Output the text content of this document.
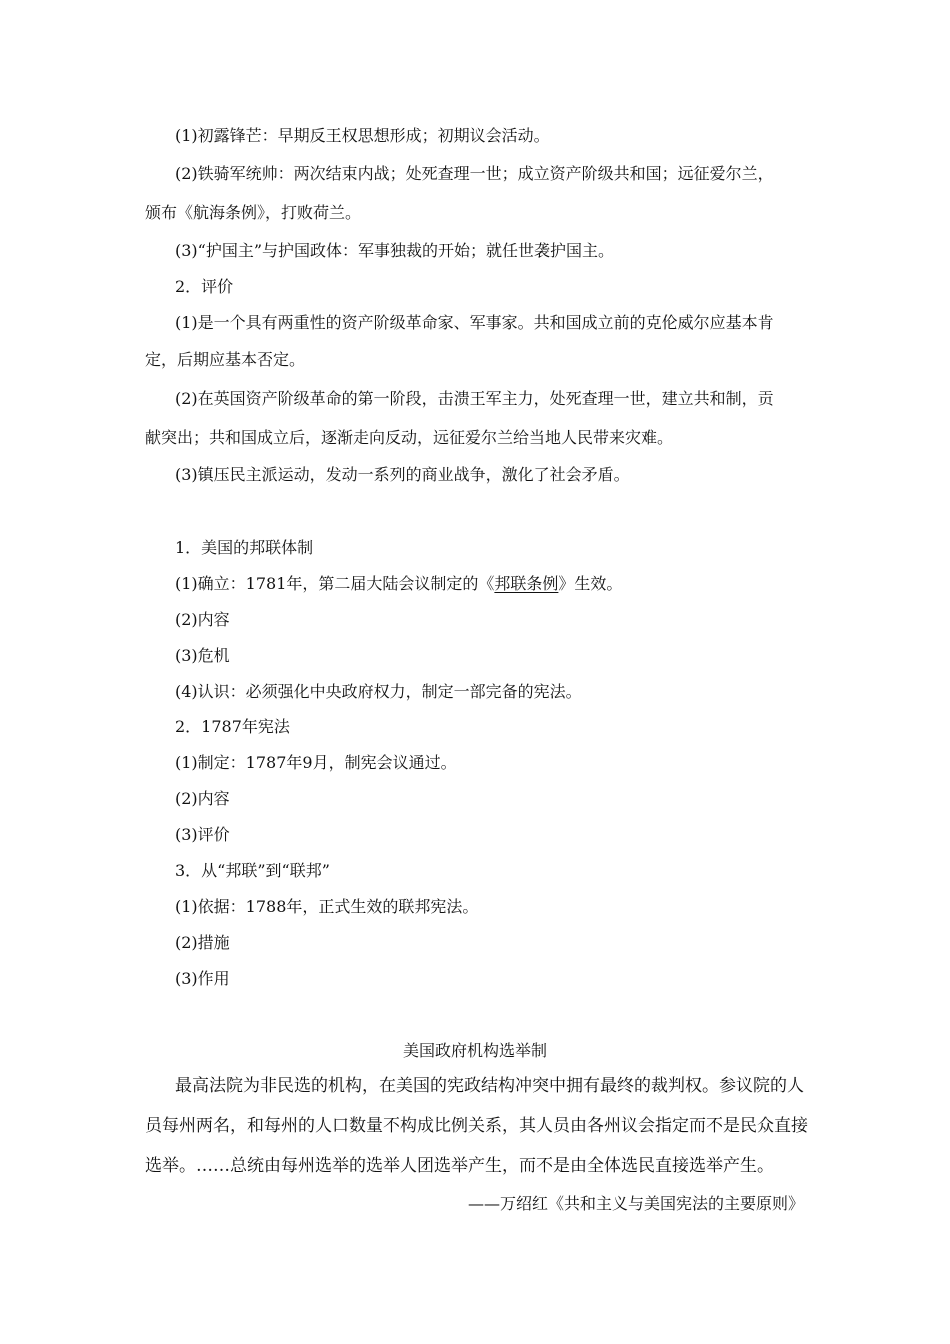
(1)初露锋芒：早期反王权思想形成；初期议会活动。
(2)铁骑军统帅：两次结束内战；处死查理一世；成立资产阶级共和国；远征爱尔兰，
颁布《航海条例》，打败荷兰。
(3)“护国主”与护国政体：军事独裁的开始；就任世袭护国主。
2．评价
(1)是一个具有两重性的资产阶级革命家、军事家。共和国成立前的克伦威尔应基本肯
定，后期应基本否定。
(2)在英国资产阶级革命的第一阶段，击溃王军主力，处死查理一世，建立共和制，贡
献突出；共和国成立后，逐渐走向反动，远征爱尔兰给当地人民带来灾难。
(3)镇压民主派运动，发动一系列的商业战争，激化了社会矛盾。
1．美国的邦联体制
(1)确立：1781年，第二届大陆会议制定的《邦联条例》生效。
(2)内容
(3)危机
(4)认识：必须强化中央政府权力，制定一部完备的宪法。
2．1787年宪法
(1)制定：1787年9月，制宪会议通过。
(2)内容
(3)评价
3．从“邦联”到“联邦”
(1)依据：1788年，正式生效的联邦宪法。
(2)措施
(3)作用
美国政府机构选举制
最高法院为非民选的机构，在美国的宪政结构冲突中拥有最终的裁判权。参议院的人
员每州两名，和每州的人口数量不构成比例关系，其人员由各州议会指定而不是民众直接
选举。……总统由每州选举的选举人团选举产生，而不是由全体选民直接选举产生。
——万绍红《共和主义与美国宪法的主要原则》
